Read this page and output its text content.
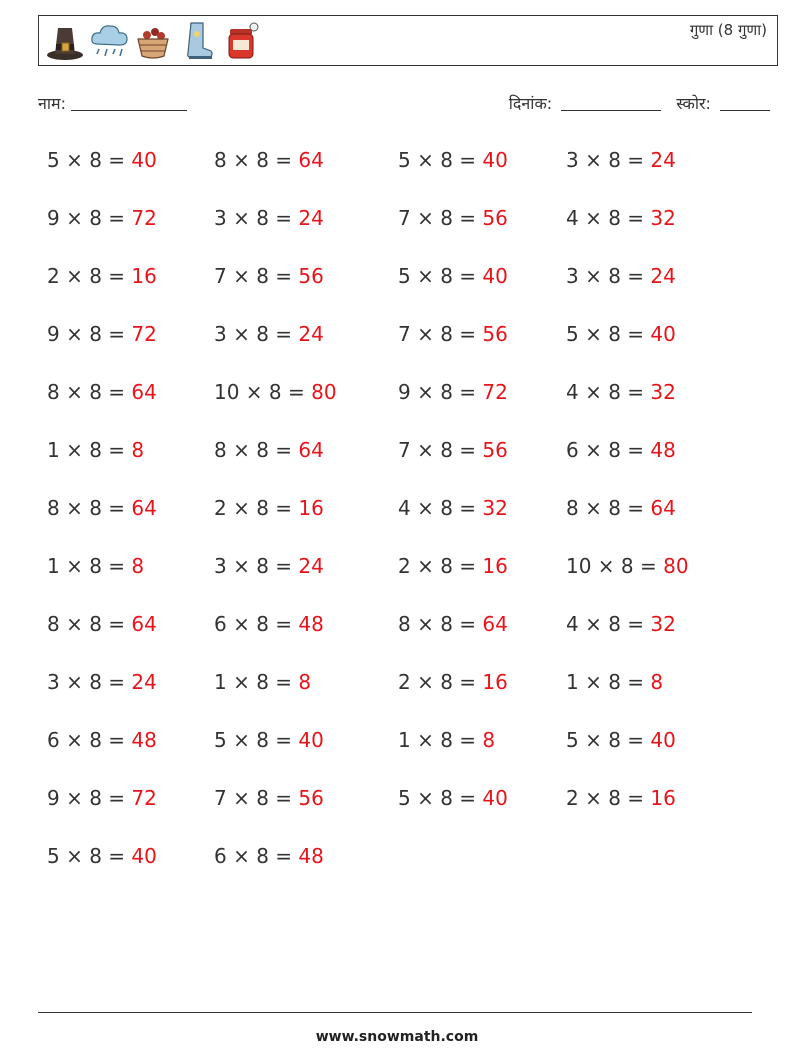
गुणा (8 गुणा)
नाम:	दिनांक:	स्कोर:
5 × 8 = 40
9 × 8 = 72
2 × 8 = 16
9 × 8 = 72
8 × 8 = 64
1 × 8 = 8
8 × 8 = 64
1 × 8 = 8
8 × 8 = 64
3 × 8 = 24
6 × 8 = 48
9 × 8 = 72
5 × 8 = 40
8 × 8 = 64
3 × 8 = 24
7 × 8 = 56
3 × 8 = 24
10 × 8 = 80
8 × 8 = 64
2 × 8 = 16
3 × 8 = 24
6 × 8 = 48
1 × 8 = 8
5 × 8 = 40
7 × 8 = 56
6 × 8 = 48
5 × 8 = 40
7 × 8 = 56
5 × 8 = 40
7 × 8 = 56
9 × 8 = 72
7 × 8 = 56
4 × 8 = 32
2 × 8 = 16
8 × 8 = 64
2 × 8 = 16
1 × 8 = 8
5 × 8 = 40
3 × 8 = 24
4 × 8 = 32
3 × 8 = 24
5 × 8 = 40
4 × 8 = 32
6 × 8 = 48
8 × 8 = 64
10 × 8 = 80
4 × 8 = 32
1 × 8 = 8
5 × 8 = 40
2 × 8 = 16
www.snowmath.com
